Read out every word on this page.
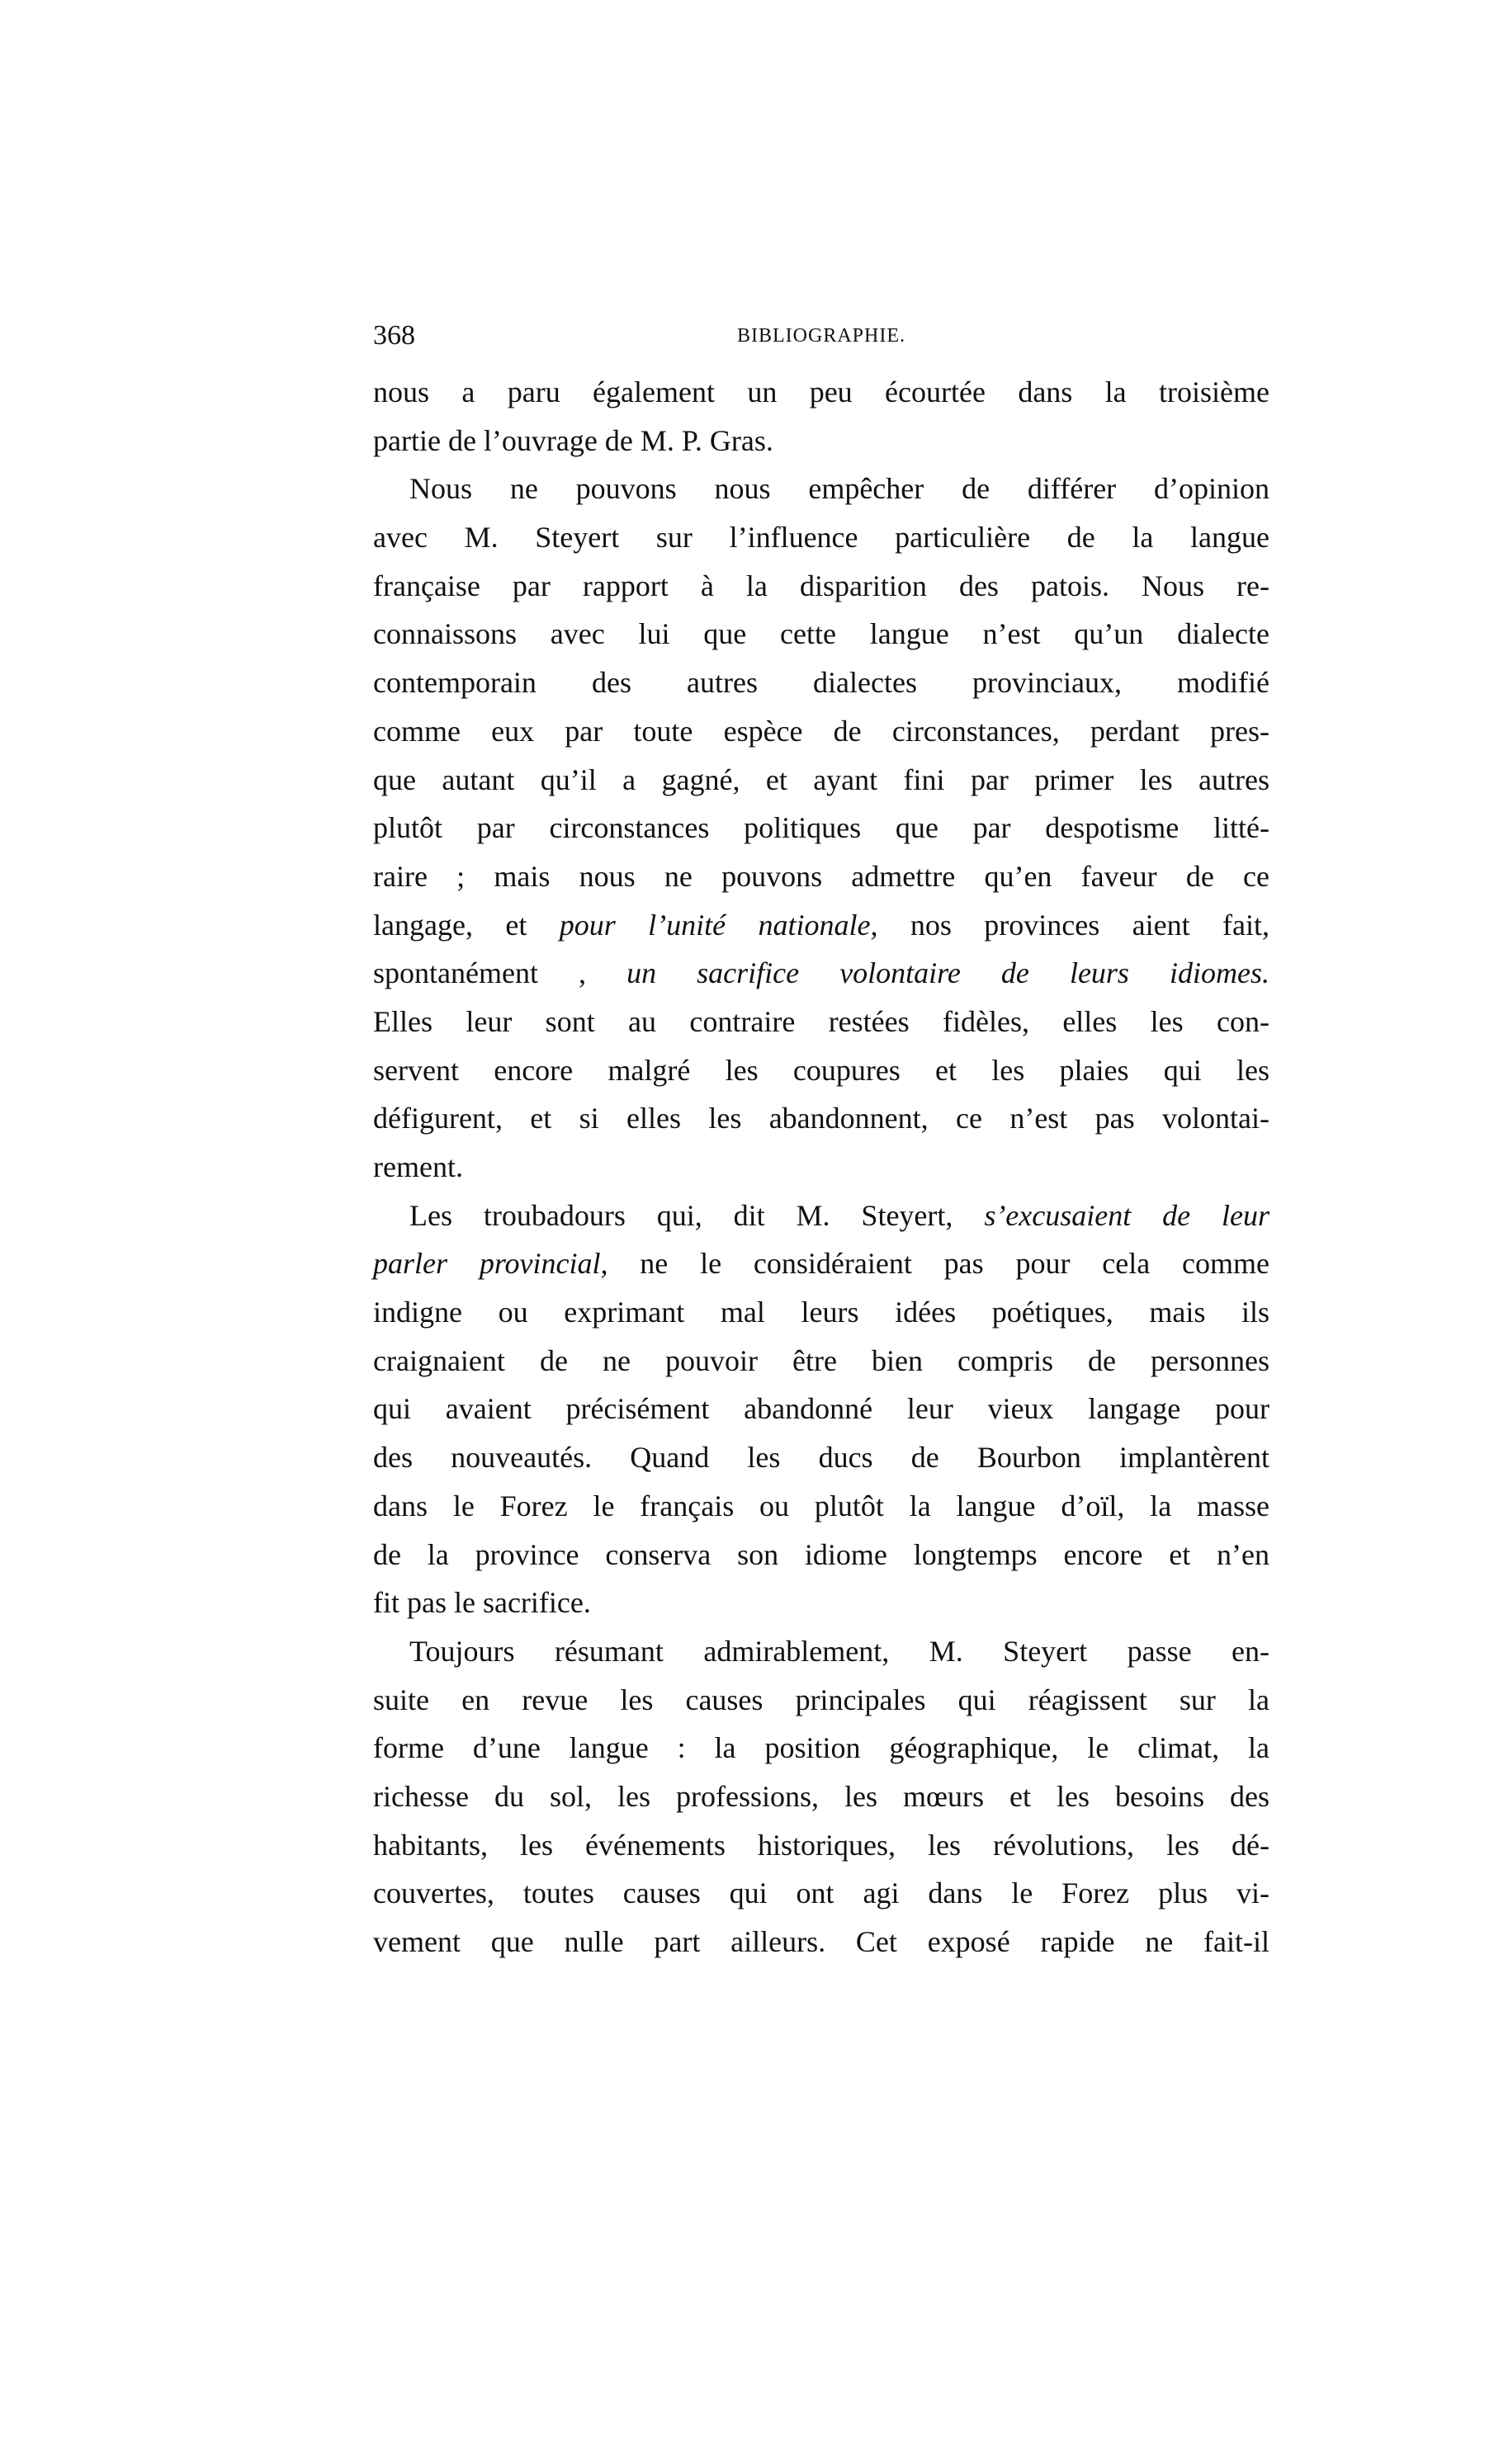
368	BIBLIOGRAPHIE.
nous a paru également un peu écourtée dans la troisième
partie de l’ouvrage de M. P. Gras.
Nous ne pouvons nous empêcher de différer d’opinion
avec M. Steyert sur l’influence particulière de la langue
française par rapport à la disparition des patois. Nous re-
connaissons avec lui que cette langue n’est qu’un dialecte
contemporain des autres dialectes provinciaux, modifié
comme eux par toute espèce de circonstances, perdant pres-
que autant qu’il a gagné, et ayant fini par primer les autres
plutôt par circonstances politiques que par despotisme litté-
raire ; mais nous ne pouvons admettre qu’en faveur de ce
langage, et pour l’unité nationale, nos provinces aient fait,
spontanément , un sacrifice volontaire de leurs idiomes.
Elles leur sont au contraire restées fidèles, elles les con-
servent encore malgré les coupures et les plaies qui les
défigurent, et si elles les abandonnent, ce n’est pas volontai-
rement.
Les troubadours qui, dit M. Steyert, s’excusaient de leur
parler provincial, ne le considéraient pas pour cela comme
indigne ou exprimant mal leurs idées poétiques, mais ils
craignaient de ne pouvoir être bien compris de personnes
qui avaient précisément abandonné leur vieux langage pour
des nouveautés. Quand les ducs de Bourbon implantèrent
dans le Forez le français ou plutôt la langue d’oïl, la masse
de la province conserva son idiome longtemps encore et n’en
fit pas le sacrifice.
Toujours résumant admirablement, M. Steyert passe en-
suite en revue les causes principales qui réagissent sur la
forme d’une langue : la position géographique, le climat, la
richesse du sol, les professions, les mœurs et les besoins des
habitants, les événements historiques, les révolutions, les dé-
couvertes, toutes causes qui ont agi dans le Forez plus vi-
vement que nulle part ailleurs. Cet exposé rapide ne fait-il
